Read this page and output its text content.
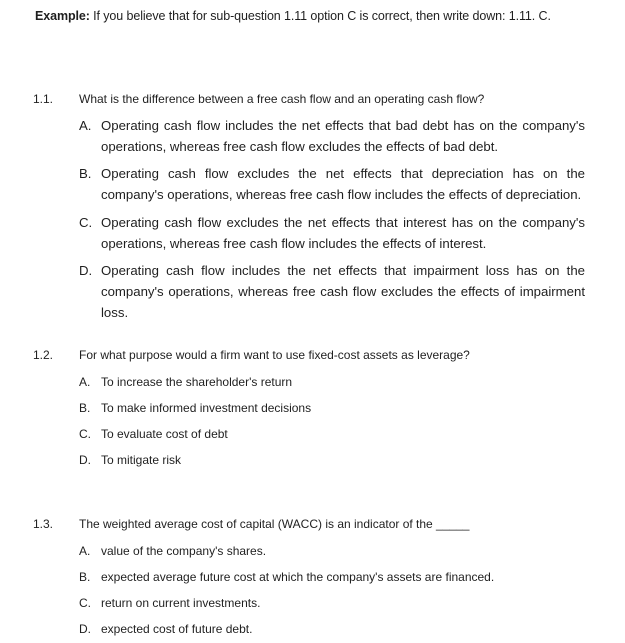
Example: If you believe that for sub-question 1.11 option C is correct, then write down: 1.11. C.
1.1. What is the difference between a free cash flow and an operating cash flow?
A. Operating cash flow includes the net effects that bad debt has on the company's operations, whereas free cash flow excludes the effects of bad debt.
B. Operating cash flow excludes the net effects that depreciation has on the company's operations, whereas free cash flow includes the effects of depreciation.
C. Operating cash flow excludes the net effects that interest has on the company's operations, whereas free cash flow includes the effects of interest.
D. Operating cash flow includes the net effects that impairment loss has on the company's operations, whereas free cash flow excludes the effects of impairment loss.
1.2. For what purpose would a firm want to use fixed-cost assets as leverage?
A. To increase the shareholder's return
B. To make informed investment decisions
C. To evaluate cost of debt
D. To mitigate risk
1.3. The weighted average cost of capital (WACC) is an indicator of the _____
A. value of the company's shares.
B. expected average future cost at which the company's assets are financed.
C. return on current investments.
D. expected cost of future debt.
